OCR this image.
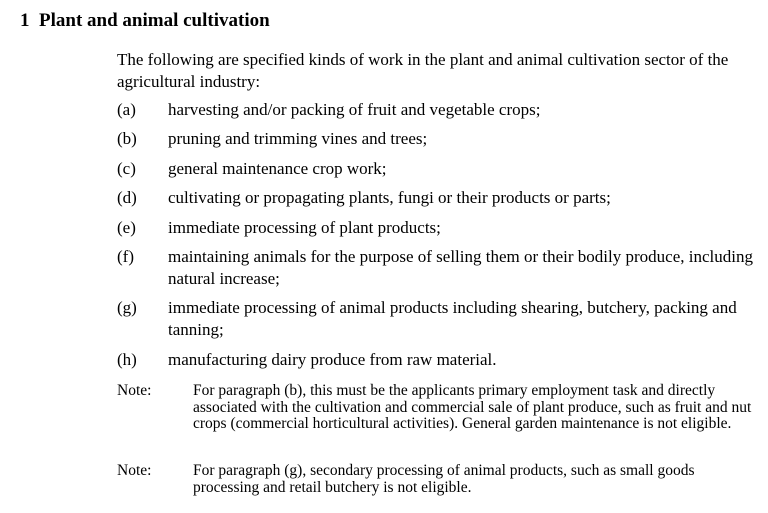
1 Plant and animal cultivation
The following are specified kinds of work in the plant and animal cultivation sector of the agricultural industry:
(a) harvesting and/or packing of fruit and vegetable crops;
(b) pruning and trimming vines and trees;
(c) general maintenance crop work;
(d) cultivating or propagating plants, fungi or their products or parts;
(e) immediate processing of plant products;
(f) maintaining animals for the purpose of selling them or their bodily produce, including natural increase;
(g) immediate processing of animal products including shearing, butchery, packing and tanning;
(h) manufacturing dairy produce from raw material.
Note:	For paragraph (b), this must be the applicants primary employment task and directly associated with the cultivation and commercial sale of plant produce, such as fruit and nut crops (commercial horticultural activities). General garden maintenance is not eligible.
Note:	For paragraph (g), secondary processing of animal products, such as small goods processing and retail butchery is not eligible.
